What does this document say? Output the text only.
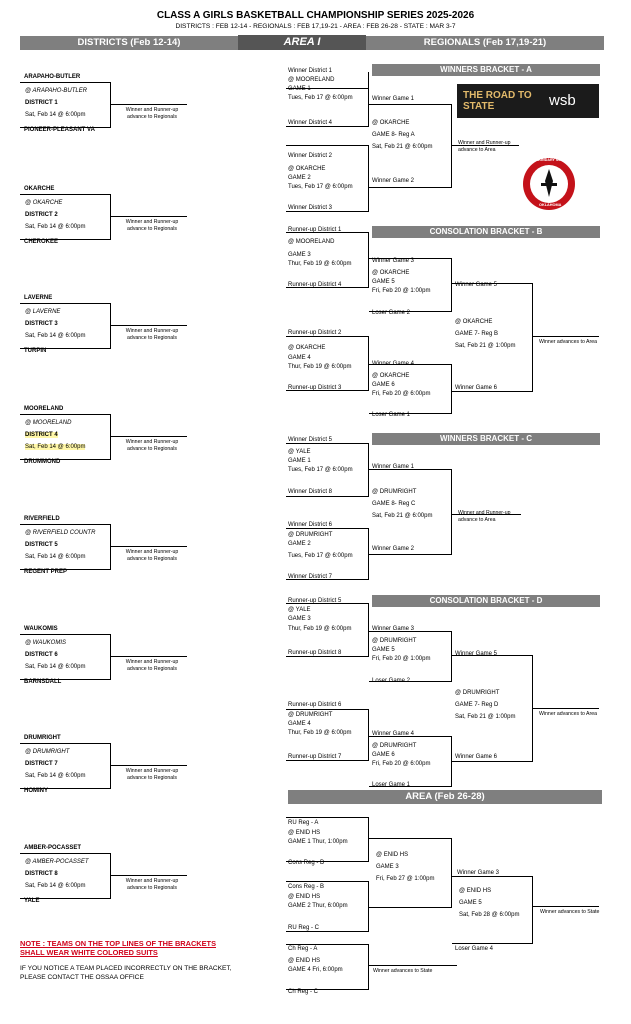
CLASS A GIRLS BASKETBALL CHAMPIONSHIP SERIES 2025-2026
DISTRICTS : FEB 12-14 - REGIONALS : FEB 17,19-21 - AREA : FEB 26-28 - STATE : MAR 3-7
DISTRICTS (Feb 12-14)	AREA I	REGIONALS (Feb 17,19-21)
ARAPAHO-BUTLER
@ ARAPAHO-BUTLER
DISTRICT 1
Sat, Feb 14 @ 6:00pm
PIONEER-PLEASANT VA
Winner and Runner-up advance to Regionals
OKARCHE
@ OKARCHE
DISTRICT 2
Sat, Feb 14 @ 6:00pm
CHEROKEE
Winner and Runner-up advance to Regionals
LAVERNE
@ LAVERNE
DISTRICT 3
Sat, Feb 14 @ 6:00pm
TURPIN
Winner and Runner-up advance to Regionals
MOORELAND
@ MOORELAND
DISTRICT 4
Sat, Feb 14 @ 6:00pm
DRUMMOND
Winner and Runner-up advance to Regionals
RIVERFIELD
@ RIVERFIELD COUNTR
DISTRICT 5
Sat, Feb 14 @ 6:00pm
REGENT PREP
Winner and Runner-up advance to Regionals
WAUKOMIS
@ WAUKOMIS
DISTRICT 6
Sat, Feb 14 @ 6:00pm
BARNSDALL
Winner and Runner-up advance to Regionals
DRUMRIGHT
@ DRUMRIGHT
DISTRICT 7
Sat, Feb 14 @ 6:00pm
HOMINY
Winner and Runner-up advance to Regionals
AMBER-POCASSET
@ AMBER-POCASSET
DISTRICT 8
Sat, Feb 14 @ 6:00pm
YALE
Winner and Runner-up advance to Regionals
WINNERS BRACKET - A
Winner District 1
@ MOORELAND
GAME 1
Tues, Feb 17 @ 6:00pm
Winner District 4
Winner District 2
@ OKARCHE
GAME 2
Tues, Feb 17 @ 6:00pm
Winner District 3
Winner Game 1
@ OKARCHE
GAME 8- Reg A
Sat, Feb 21 @ 6:00pm
Winner Game 2
Winner and Runner-up advance to Area
THE ROAD TO STATE	wsb
SECONDARY SCHOOL ACTIVITIES
OKLAHOMA
CONSOLATION BRACKET - B
Runner-up District 1
@ MOORELAND
GAME 3
Thur, Feb 19 @ 6:00pm
Runner-up District 4
Winner Game 3
@ OKARCHE
GAME 5
Fri, Feb 20 @ 1:00pm
Loser Game 2
Runner-up District 2
@ OKARCHE
GAME 4
Thur, Feb 19 @ 6:00pm
Runner-up District 3
Winner Game 4
@ OKARCHE
GAME 6
Fri, Feb 20 @ 6:00pm
Loser Game 1
Winner Game 5
@ OKARCHE
GAME 7- Reg B
Sat, Feb 21 @ 1:00pm
Winner Game 6
Winner advances to Area
WINNERS BRACKET - C
Winner District 5
@ YALE
GAME 1
Tues, Feb 17 @ 6:00pm
Winner District 8
Winner District 6
@ DRUMRIGHT
GAME 2
Tues, Feb 17 @ 6:00pm
Winner District 7
Winner Game 1
@ DRUMRIGHT
GAME 8- Reg C
Sat, Feb 21 @ 6:00pm
Winner Game 2
Winner and Runner-up advance to Area
CONSOLATION BRACKET - D
Runner-up District 5
@ YALE
GAME 3
Thur, Feb 19 @ 6:00pm
Runner-up District 8
Winner Game 3
@ DRUMRIGHT
GAME 5
Fri, Feb 20 @ 1:00pm
Loser Game 2
Runner-up District 6
@ DRUMRIGHT
GAME 4
Thur, Feb 19 @ 6:00pm
Runner-up District 7
Winner Game 4
@ DRUMRIGHT
GAME 6
Fri, Feb 20 @ 6:00pm
Loser Game 1
Winner Game 5
@ DRUMRIGHT
GAME 7- Reg D
Sat, Feb 21 @ 1:00pm
Winner Game 6
Winner advances to Area
AREA (Feb 26-28)
RU Reg - A
@ ENID HS
GAME 1 Thur, 1:00pm
Cons Reg - D
Cons Reg - B
@ ENID HS
GAME 2 Thur, 6:00pm
RU Reg - C
@ ENID HS
GAME 3
Fri, Feb 27 @ 1:00pm
Winner Game 3
@ ENID HS
GAME 5
Sat, Feb 28 @ 6:00pm
Loser Game 4
Winner advances to State
Ch Reg - A
@ ENID HS
GAME 4 Fri, 6:00pm
Ch Reg - C
Winner advances to State
NOTE : TEAMS ON THE TOP LINES OF THE BRACKETS
SHALL WEAR WHITE COLORED SUITS
IF YOU NOTICE A TEAM PLACED INCORRECTLY ON THE BRACKET,
PLEASE CONTACT THE OSSAA OFFICE
